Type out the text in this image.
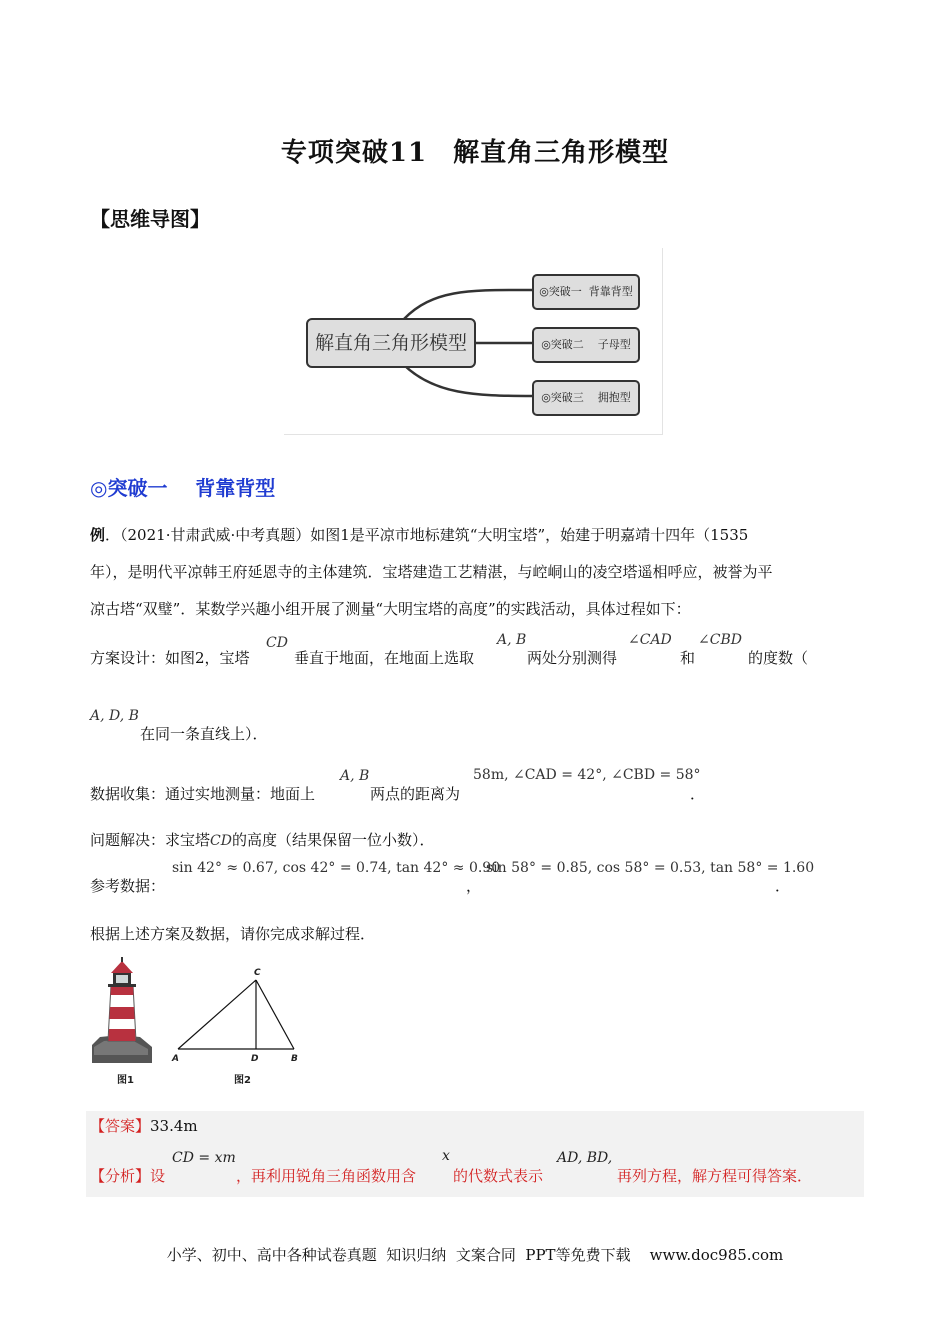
专项突破11 解直角三角形模型
【思维导图】
解直角三角形模型
◎突破一  背靠背型
◎突破二    子母型
◎突破三    拥抱型
◎突破一    背靠背型
例．（2021·甘肃武威·中考真题）如图1是平凉市地标建筑“大明宝塔”，始建于明嘉靖十四年（1535
年），是明代平凉韩王府延恩寺的主体建筑．宝塔建造工艺精湛，与崆峒山的凌空塔遥相呼应，被誉为平
凉古塔“双璧”．某数学兴趣小组开展了测量“大明宝塔的高度”的实践活动，具体过程如下：
方案设计：如图2，宝塔
CD
垂直于地面，在地面上选取
A, B
两处分别测得
∠CAD
和
∠CBD
的度数（
A, D, B
在同一条直线上）．
数据收集：通过实地测量：地面上
A, B
两点的距离为
58m, ∠CAD = 42°, ∠CBD = 58°
．
问题解决：求宝塔CD的高度（结果保留一位小数）．
参考数据：
sin 42° ≈ 0.67, cos 42° = 0.74, tan 42° ≈ 0.90
，
sin 58° = 0.85, cos 58° = 0.53, tan 58° = 1.60
．
根据上述方案及数据，请你完成求解过程．
图1
C
A	D	B
图2
【答案】33.4m
【分析】设
CD = xm
，再利用锐角三角函数用含
x
的代数式表示
AD, BD,
再列方程，解方程可得答案．
小学、初中、高中各种试卷真题  知识归纳  文案合同  PPT等免费下载    www.doc985.com
